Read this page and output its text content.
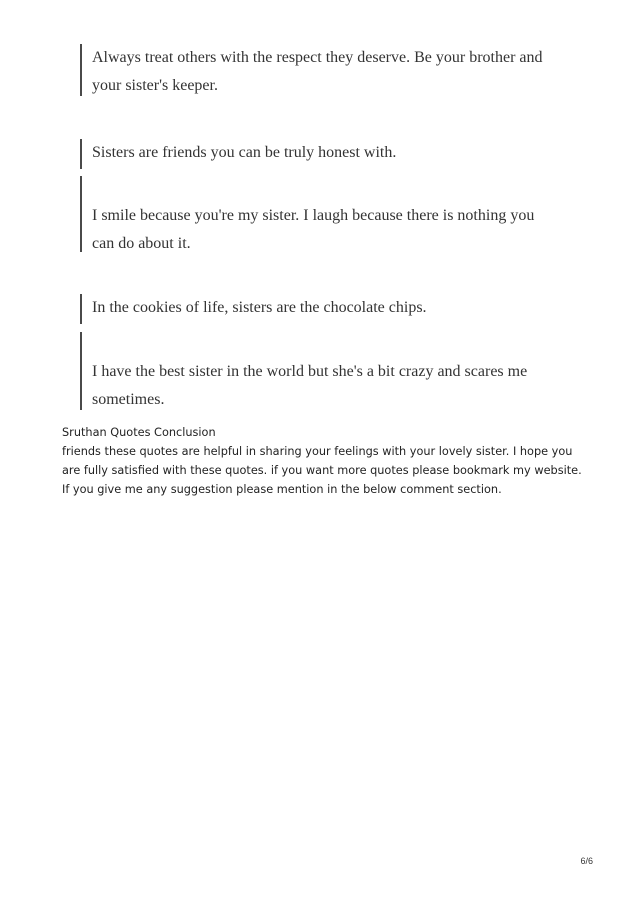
Always treat others with the respect they deserve. Be your brother and your sister's keeper.
Sisters are friends you can be truly honest with.
I smile because you're my sister. I laugh because there is nothing you can do about it.
In the cookies of life, sisters are the chocolate chips.
I have the best sister in the world but she's a bit crazy and scares me sometimes.
Sruthan Quotes Conclusion
friends these quotes are helpful in sharing your feelings with your lovely sister. I hope you are fully satisfied with these quotes. if you want more quotes please bookmark my website. If you give me any suggestion please mention in the below comment section.
6/6
